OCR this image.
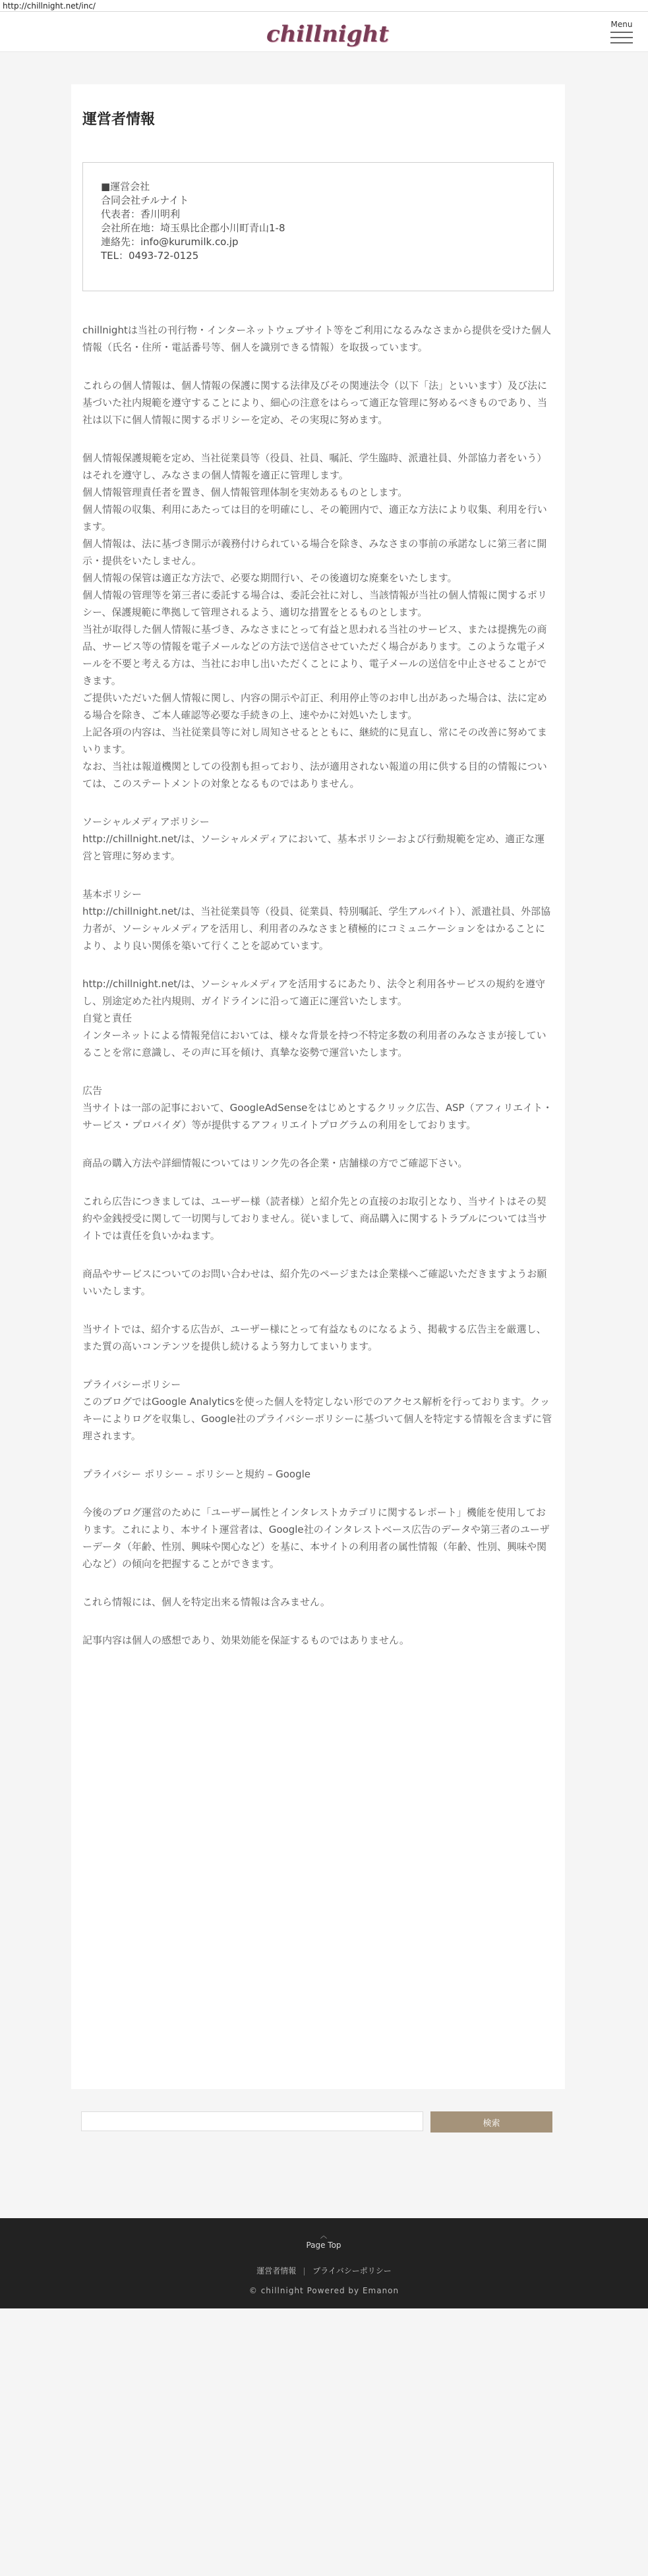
http://chillnight.net/inc/
chillnight	Menu
運営者情報
■運営会社
合同会社チルナイト
代表者：香川明利
会社所在地：埼玉県比企郡小川町青山1-8
連絡先：info@kurumilk.co.jp
TEL：0493-72-0125

chillnightは当社の刊行物・インターネットウェブサイト等をご利用になるみなさまから提供を受けた個人情報（氏名・住所・電話番号等、個人を識別できる情報）を取扱っています。

これらの個人情報は、個人情報の保護に関する法律及びその関連法令（以下「法」といいます）及び法に基づいた社内規範を遵守することにより、細心の注意をはらって適正な管理に努めるべきものであり、当社は以下に個人情報に関するポリシーを定め、その実現に努めます。

個人情報保護規範を定め、当社従業員等（役員、社員、嘱託、学生臨時、派遣社員、外部協力者をいう）はそれを遵守し、みなさまの個人情報を適正に管理します。
個人情報管理責任者を置き、個人情報管理体制を実効あるものとします。
個人情報の収集、利用にあたっては目的を明確にし、その範囲内で、適正な方法により収集、利用を行います。
個人情報は、法に基づき開示が義務付けられている場合を除き、みなさまの事前の承諾なしに第三者に開示・提供をいたしません。
個人情報の保管は適正な方法で、必要な期間行い、その後適切な廃棄をいたします。
個人情報の管理等を第三者に委託する場合は、委託会社に対し、当該情報が当社の個人情報に関するポリシー、保護規範に準拠して管理されるよう、適切な措置をとるものとします。
当社が取得した個人情報に基づき、みなさまにとって有益と思われる当社のサービス、または提携先の商品、サービス等の情報を電子メールなどの方法で送信させていただく場合があります。このような電子メールを不要と考える方は、当社にお申し出いただくことにより、電子メールの送信を中止させることができます。
ご提供いただいた個人情報に関し、内容の開示や訂正、利用停止等のお申し出があった場合は、法に定める場合を除き、ご本人確認等必要な手続きの上、速やかに対処いたします。
上記各項の内容は、当社従業員等に対し周知させるとともに、継続的に見直し、常にその改善に努めてまいります。
なお、当社は報道機関としての役割も担っており、法が適用されない報道の用に供する目的の情報については、このステートメントの対象となるものではありません。

ソーシャルメディアポリシー
http://chillnight.net/は、ソーシャルメディアにおいて、基本ポリシーおよび行動規範を定め、適正な運営と管理に努めます。

基本ポリシー
http://chillnight.net/は、当社従業員等（役員、従業員、特別嘱託、学生アルバイト）、派遣社員、外部協力者が、ソーシャルメディアを活用し、利用者のみなさまと積極的にコミュニケーションをはかることにより、より良い関係を築いて行くことを認めています。

http://chillnight.net/は、ソーシャルメディアを活用するにあたり、法令と利用各サービスの規約を遵守し、別途定めた社内規則、ガイドラインに沿って適正に運営いたします。
自覚と責任
インターネットによる情報発信においては、様々な背景を持つ不特定多数の利用者のみなさまが接していることを常に意識し、その声に耳を傾け、真摯な姿勢で運営いたします。

広告
当サイトは一部の記事において、GoogleAdSenseをはじめとするクリック広告、ASP（アフィリエイト・サービス・プロバイダ）等が提供するアフィリエイトプログラムの利用をしております。

商品の購入方法や詳細情報についてはリンク先の各企業・店舗様の方でご確認下さい。

これら広告につきましては、ユーザー様（読者様）と紹介先との直接のお取引となり、当サイトはその契約や金銭授受に関して一切関与しておりません。従いまして、商品購入に関するトラブルについては当サイトでは責任を負いかねます。

商品やサービスについてのお問い合わせは、紹介先のページまたは企業様へご確認いただきますようお願いいたします。

当サイトでは、紹介する広告が、ユーザー様にとって有益なものになるよう、掲載する広告主を厳選し、また質の高いコンテンツを提供し続けるよう努力してまいります。

プライバシーポリシー
このブログではGoogle Analyticsを使った個人を特定しない形でのアクセス解析を行っております。クッキーによりログを収集し、Google社のプライバシーポリシーに基づいて個人を特定する情報を含まずに管理されます。

プライバシー ポリシー – ポリシーと規約 – Google

今後のブログ運営のために「ユーザー属性とインタレストカテゴリに関するレポート」機能を使用しております。これにより、本サイト運営者は、Google社のインタレストベース広告のデータや第三者のユーザーデータ（年齢、性別、興味や関心など）を基に、本サイトの利用者の属性情報（年齢、性別、興味や関心など）の傾向を把握することができます。

これら情報には、個人を特定出来る情報は含みません。

記事内容は個人の感想であり、効果効能を保証するものではありません。

検索
︿
Page Top
運営者情報 プライバシーポリシー
© chillnight Powered by Emanon
